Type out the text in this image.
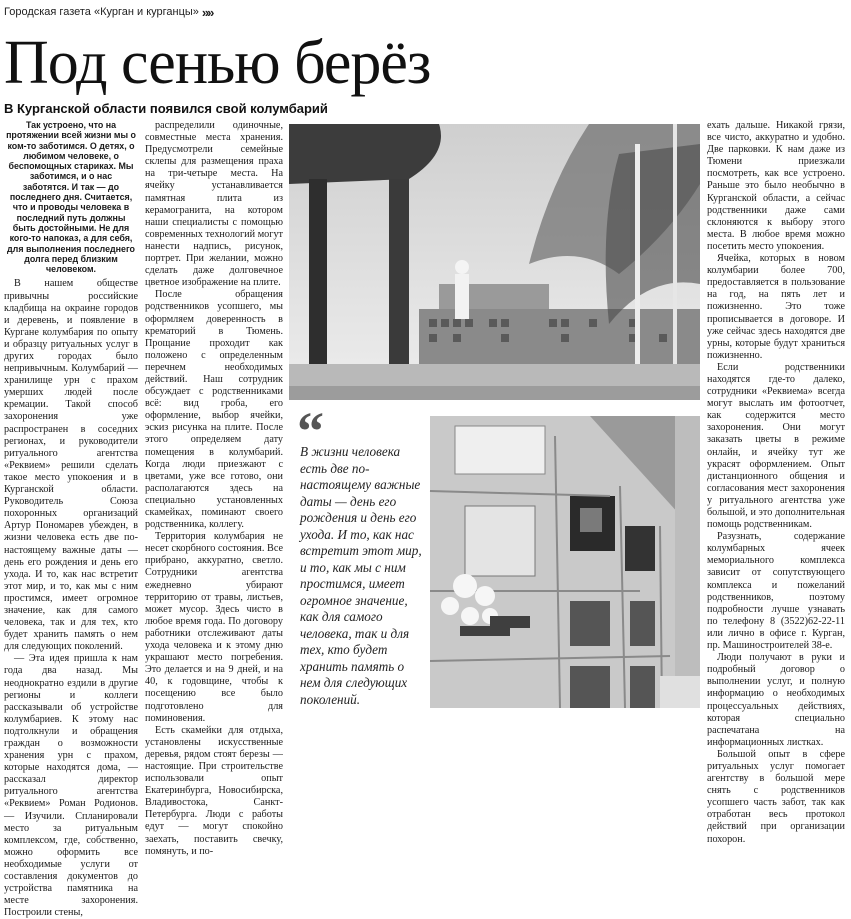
Городская газета «Курган и курганцы» »»
Под сенью берёз
В Курганской области появился свой колумбарий
Так устроено, что на протяжении всей жизни мы о ком-то заботимся. О детях, о любимом человеке, о беспомощных стариках. Мы заботимся, и о нас заботятся. И так — до последнего дня. Считается, что и проводы человека в последний путь должны быть достойными. Не для кого-то напоказ, а для себя, для выполнения последнего долга перед близким человеком.

В нашем обществе привычны российские кладбища на окраине городов и деревень, и появление в Кургане колумбария по опыту и образцу ритуальных услуг в других городах было непривычным. Колумбарий — хранилище урн с прахом умерших людей после кремации. Такой способ захоронения уже распространен в соседних регионах, и руководители ритуального агентства «Реквием» решили сделать такое место упокоения и в Курганской области. Руководитель Союза похоронных организаций Артур Пономарев убежден, в жизни человека есть две по-настоящему важные даты — день его рождения и день его ухода. И то, как нас встретит этот мир, и то, как мы с ним простимся, имеет огромное значение, как для самого человека, так и для тех, кто будет хранить память о нем для следующих поколений.

— Эта идея пришла к нам года два назад. Мы неоднократно ездили в другие регионы и коллеги рассказывали об устройстве колумбариев. К этому нас подтолкнули и обращения граждан о возможности хранения урн с прахом, которые находятся дома, — рассказал директор ритуального агентства «Реквием» Роман Родионов. — Изучили. Спланировали место за ритуальным комплексом, где, собственно, можно оформить все необходимые услуги от составления документов до устройства памятника на месте захоронения. Построили стены,

распределили одиночные, совместные места хранения. Предусмотрели семейные склепы для размещения праха на три-четыре места. На ячейку устанавливается памятная плита из керамогранита, на котором наши специалисты с помощью современных технологий могут нанести надпись, рисунок, портрет. При желании, можно сделать даже долговечное цветное изображение на плите.

После обращения родственников усопшего, мы оформляем доверенность в крематорий в Тюмень. Прощание проходит как положено с определенным перечнем необходимых действий. Наш сотрудник обсуждает с родственниками всё: вид гроба, его оформление, выбор ячейки, эскиз рисунка на плите. После этого определяем дату помещения в колумбарий. Когда люди приезжают с цветами, уже все готово, они располагаются здесь на специально установленных скамейках, поминают своего родственника, коллегу.

Территория колумбария не несет скорбного состояния. Все прибрано, аккуратно, светло. Сотрудники агентства ежедневно убирают территорию от травы, листьев, может мусор. Здесь чисто в любое время года. По договору работники отслеживают даты ухода человека и к этому дню украшают место погребения. Это делается и на 9 дней, и на 40, к годовщине, чтобы к посещению все было подготовлено для поминовения.

Есть скамейки для отдыха, установлены искусственные деревья, рядом стоят березы — настоящие. При строительстве использовали опыт Екатеринбурга, Новосибирска, Владивостока, Санкт-Петербурга. Люди с работы едут — могут спокойно заехать, поставить свечку, помянуть, и по-

“
В жизни человека есть две по-настоящему важные даты — день его рождения и день его ухода. И то, как нас встретит этот мир, и то, как мы с ним простимся, имеет огромное значение, как для самого человека, так и для тех, кто будет хранить память о нем для следующих поколений.

ехать дальше. Никакой грязи, все чисто, аккуратно и удобно. Две парковки. К нам даже из Тюмени приезжали посмотреть, как все устроено. Раньше это было необычно в Курганской области, а сейчас родственники даже сами склоняются к выбору этого места. В любое время можно посетить место упокоения.

Ячейка, которых в новом колумбарии более 700, предоставляется в пользование на год, на пять лет и пожизненно. Это тоже прописывается в договоре. И уже сейчас здесь находятся две урны, которые будут храниться пожизненно.

Если родственники находятся где-то далеко, сотрудники «Реквиема» всегда могут выслать им фотоотчет, как содержится место захоронения. Они могут заказать цветы в режиме онлайн, и ячейку тут же украсят оформлением. Опыт дистанционного общения и согласования мест захоронения у ритуального агентства уже большой, и это дополнительная помощь родственникам.

Разузнать, содержание колумбарных ячеек мемориального комплекса зависит от сопутствующего комплекса и пожеланий родственников, поэтому подробности лучше узнавать по телефону 8 (3522)62-22-11 или лично в офисе г. Курган, пр. Машиностроителей 38-е.

Люди получают в руки и подробный договор о выполнении услуг, и полную информацию о необходимых процессуальных действиях, которая специально распечатана на информационных листках.

Большой опыт в сфере ритуальных услуг помогает агентству в большой мере снять с родственников усопшего часть забот, так как отработан весь протокол действий при организации похорон.
